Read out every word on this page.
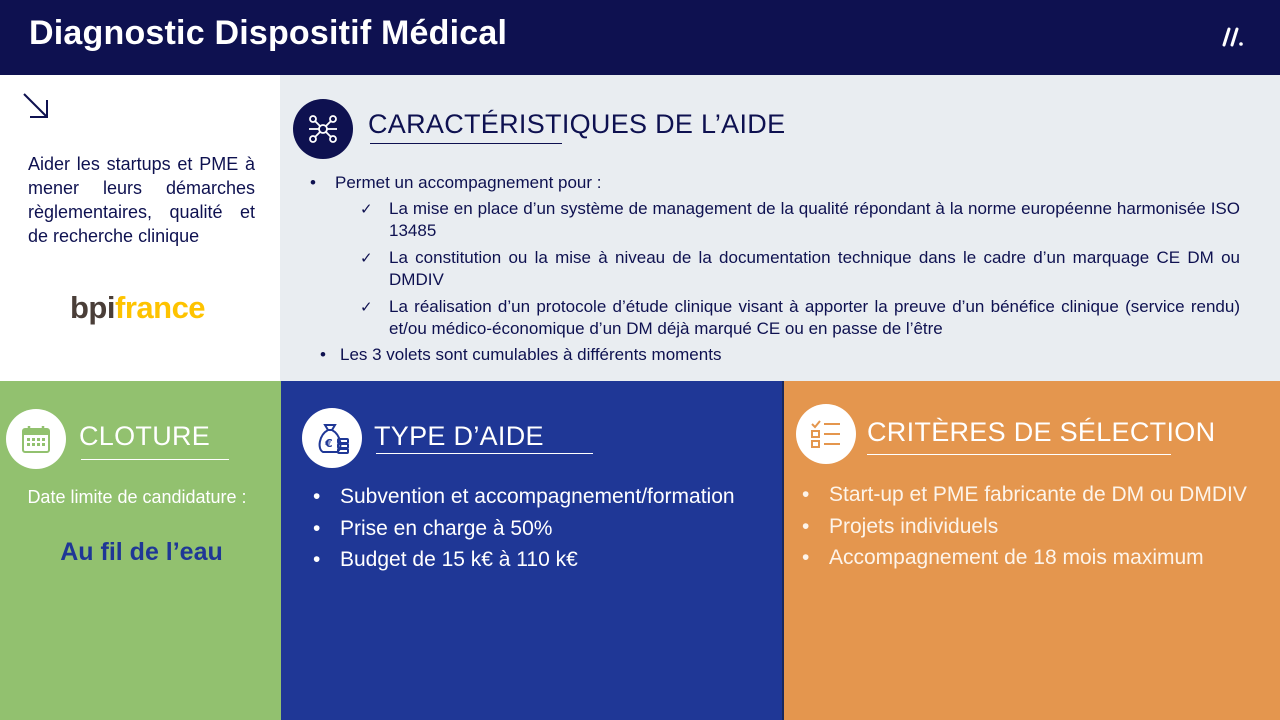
Diagnostic Dispositif Médical

Aider les startups et PME à mener leurs démarches règlementaires, qualité et de recherche clinique

bpifrance
CARACTÉRISTIQUES DE L’AIDE
• Permet un accompagnement pour :
✓ La mise en place d’un système de management de la qualité répondant à la norme européenne harmonisée ISO 13485
✓ La constitution ou la mise à niveau de la documentation technique dans le cadre d’un marquage CE DM ou DMDIV
✓ La réalisation d’un protocole d’étude clinique visant à apporter la preuve d’un bénéfice clinique (service rendu) et/ou médico-économique d’un DM déjà marqué CE ou en passe de l’être
• Les 3 volets sont cumulables à différents moments
CLOTURE
Date limite de candidature :
Au fil de l’eau
€ TYPE D’AIDE
• Subvention et accompagnement/formation
• Prise en charge à 50%
• Budget de 15 k€ à 110 k€
CRITÈRES DE SÉLECTION
• Start-up et PME fabricante de DM ou DMDIV
• Projets individuels
• Accompagnement de 18 mois maximum
